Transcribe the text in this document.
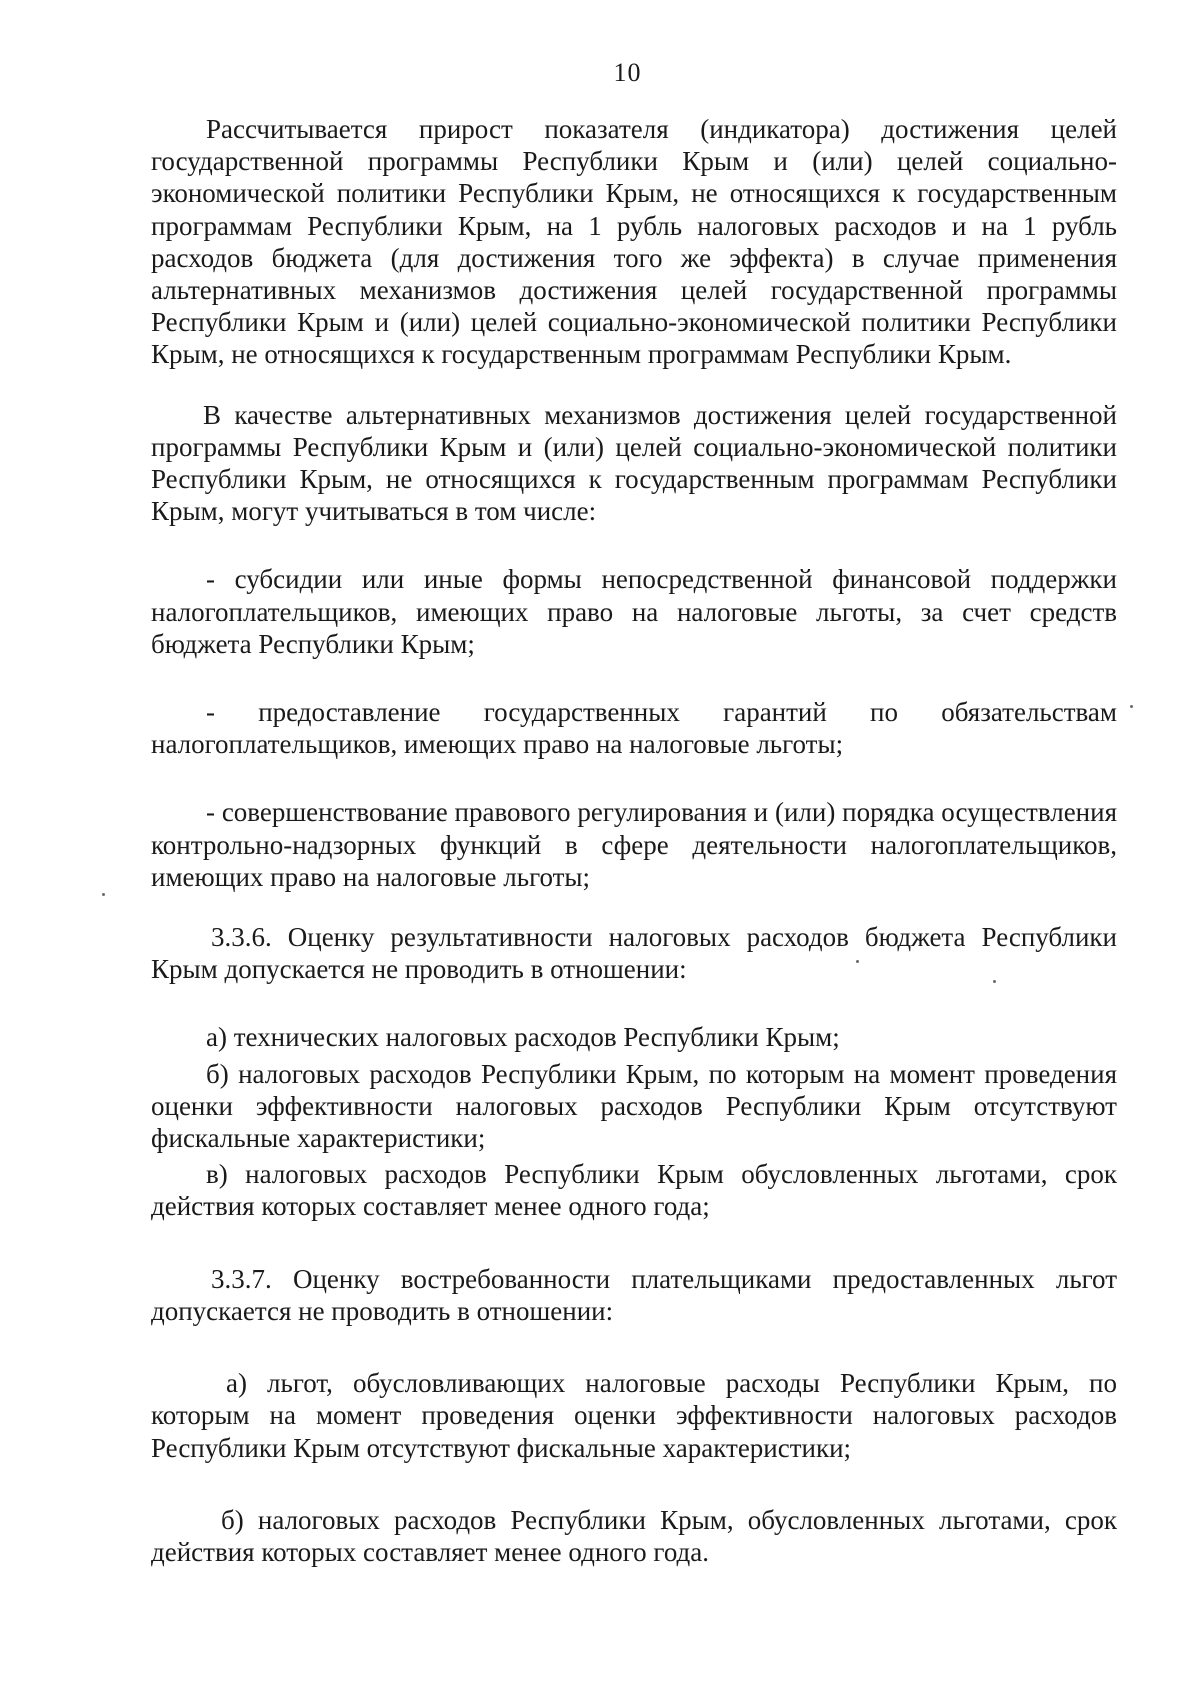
10

Рассчитывается прирост показателя (индикатора) достижения целей государственной программы Республики Крым и (или) целей социально-экономической политики Республики Крым, не относящихся к государственным программам Республики Крым, на 1 рубль налоговых расходов и на 1 рубль расходов бюджета (для достижения того же эффекта) в случае применения альтернативных механизмов достижения целей государственной программы Республики Крым и (или) целей социально-экономической политики Республики Крым, не относящихся к государственным программам Республики Крым.

В качестве альтернативных механизмов достижения целей государственной программы Республики Крым и (или) целей социально-экономической политики Республики Крым, не относящихся к государственным программам Республики Крым, могут учитываться в том числе:

- субсидии или иные формы непосредственной финансовой поддержки налогоплательщиков, имеющих право на налоговые льготы, за счет средств бюджета Республики Крым;

- предоставление государственных гарантий по обязательствам налогоплательщиков, имеющих право на налоговые льготы;

- совершенствование правового регулирования и (или) порядка осуществления контрольно-надзорных функций в сфере деятельности налогоплательщиков, имеющих право на налоговые льготы;

3.3.6. Оценку результативности налоговых расходов бюджета Республики Крым допускается не проводить в отношении:

а) технических налоговых расходов Республики Крым;

б) налоговых расходов Республики Крым, по которым на момент проведения оценки эффективности налоговых расходов Республики Крым отсутствуют фискальные характеристики;

в) налоговых расходов Республики Крым обусловленных льготами, срок действия которых составляет менее одного года;

3.3.7. Оценку востребованности плательщиками предоставленных льгот допускается не проводить в отношении:

а) льгот, обусловливающих налоговые расходы Республики Крым, по которым на момент проведения оценки эффективности налоговых расходов Республики Крым отсутствуют фискальные характеристики;

б) налоговых расходов Республики Крым, обусловленных льготами, срок действия которых составляет менее одного года.
